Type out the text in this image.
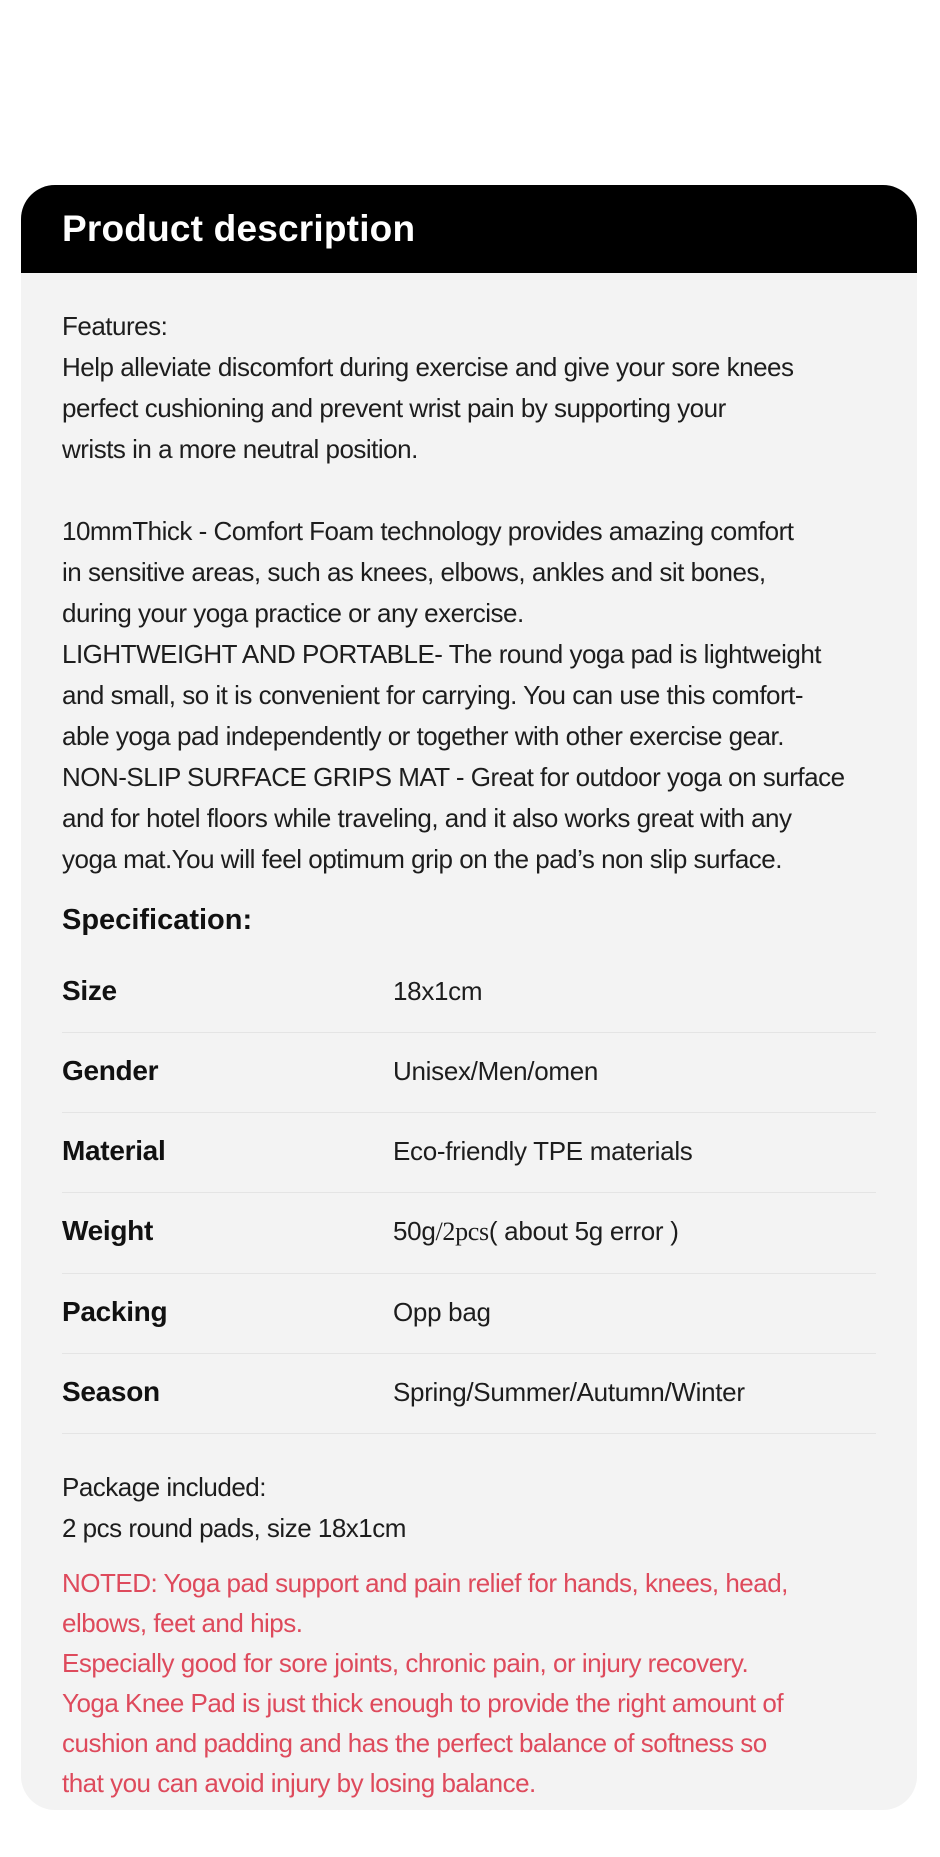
Product description
Features:
Help alleviate discomfort during exercise and give your sore knees
perfect cushioning and prevent wrist pain by supporting your
wrists in a more neutral position.
10mmThick - Comfort Foam technology provides amazing comfort
in sensitive areas, such as knees, elbows, ankles and sit bones,
during your yoga practice or any exercise.
LIGHTWEIGHT AND PORTABLE- The round yoga pad is lightweight
and small, so it is convenient for carrying. You can use this comfort-
able yoga pad independently or together with other exercise gear.
NON-SLIP SURFACE GRIPS MAT - Great for outdoor yoga on surface
and for hotel floors while traveling, and it also works great with any
yoga mat.You will feel optimum grip on the pad’s non slip surface.
Specification:
Size	18x1cm
Gender	Unisex/Men/omen
Material	Eco-friendly TPE materials
Weight	50g/2pcs( about 5g error )
Packing	Opp bag
Season	Spring/Summer/Autumn/Winter
Package included:
2 pcs round pads, size 18x1cm
NOTED: Yoga pad support and pain relief for hands, knees, head,
elbows, feet and hips.
Especially good for sore joints, chronic pain, or injury recovery.
Yoga Knee Pad is just thick enough to provide the right amount of
cushion and padding and has the perfect balance of softness so
that you can avoid injury by losing balance.
